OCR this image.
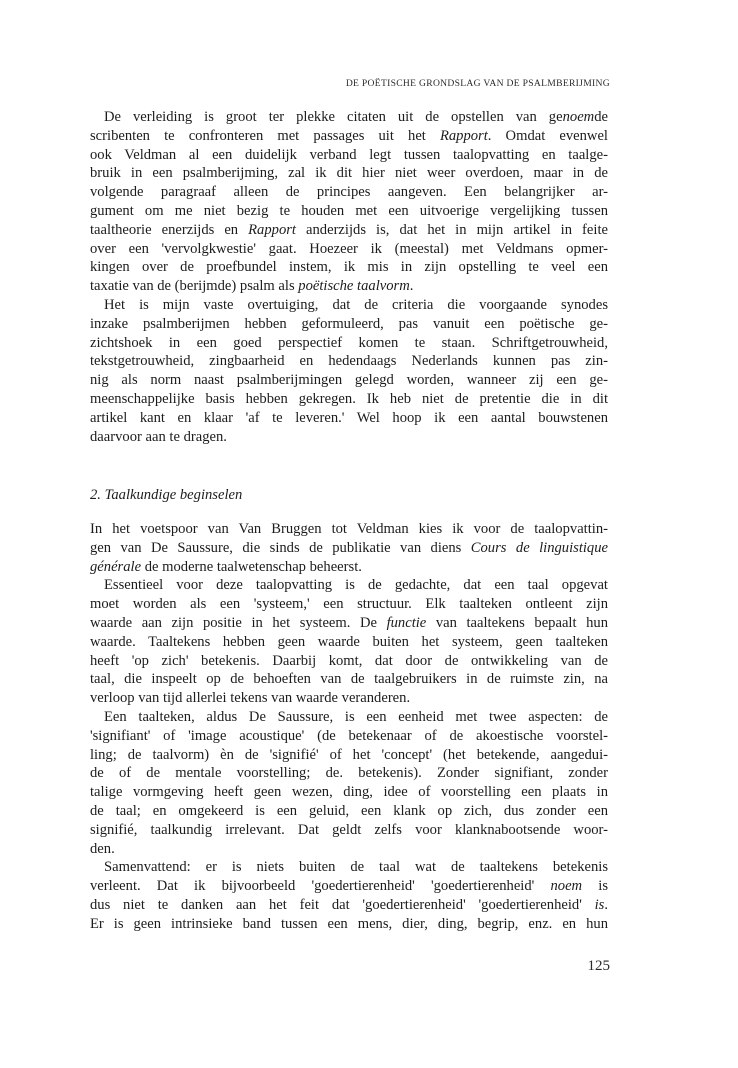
DE POËTISCHE GRONDSLAG VAN DE PSALMBERIJMING

De verleiding is groot ter plekke citaten uit de opstellen van genoemde

scribenten te confronteren met passages uit het Rapport. Omdat evenwel

ook Veldman al een duidelijk verband legt tussen taalopvatting en taalge-

bruik in een psalmberijming, zal ik dit hier niet weer overdoen, maar in de

volgende paragraaf alleen de principes aangeven. Een belangrijker ar-

gument om me niet bezig te houden met een uitvoerige vergelijking tussen

taaltheorie enerzijds en Rapport anderzijds is, dat het in mijn artikel in feite

over een 'vervolgkwestie' gaat. Hoezeer ik (meestal) met Veldmans opmer-

kingen over de proefbundel instem, ik mis in zijn opstelling te veel een

taxatie van de (berijmde) psalm als poëtische taalvorm.

Het is mijn vaste overtuiging, dat de criteria die voorgaande synodes

inzake psalmberijmen hebben geformuleerd, pas vanuit een poëtische ge-

zichtshoek in een goed perspectief komen te staan. Schriftgetrouwheid,

tekstgetrouwheid, zingbaarheid en hedendaags Nederlands kunnen pas zin-

nig als norm naast psalmberijmingen gelegd worden, wanneer zij een ge-

meenschappelijke basis hebben gekregen. Ik heb niet de pretentie die in dit

artikel kant en klaar 'af te leveren.' Wel hoop ik een aantal bouwstenen

daarvoor aan te dragen.

2. Taalkundige beginselen

In het voetspoor van Van Bruggen tot Veldman kies ik voor de taalopvattin-

gen van De Saussure, die sinds de publikatie van diens Cours de linguistique

générale de moderne taalwetenschap beheerst.

Essentieel voor deze taalopvatting is de gedachte, dat een taal opgevat

moet worden als een 'systeem,' een structuur. Elk taalteken ontleent zijn

waarde aan zijn positie in het systeem. De functie van taaltekens bepaalt hun

waarde. Taaltekens hebben geen waarde buiten het systeem, geen taalteken

heeft 'op zich' betekenis. Daarbij komt, dat door de ontwikkeling van de

taal, die inspeelt op de behoeften van de taalgebruikers in de ruimste zin, na

verloop van tijd allerlei tekens van waarde veranderen.

Een taalteken, aldus De Saussure, is een eenheid met twee aspecten: de

'signifiant' of 'image acoustique' (de betekenaar of de akoestische voorstel-

ling; de taalvorm) èn de 'signifié' of het 'concept' (het betekende, aangedui-

de of de mentale voorstelling; de. betekenis). Zonder signifiant, zonder

talige vormgeving heeft geen wezen, ding, idee of voorstelling een plaats in

de taal; en omgekeerd is een geluid, een klank op zich, dus zonder een

signifié, taalkundig irrelevant. Dat geldt zelfs voor klanknabootsende woor-

den.

Samenvattend: er is niets buiten de taal wat de taaltekens betekenis

verleent. Dat ik bijvoorbeeld 'goedertierenheid' 'goedertierenheid' noem is

dus niet te danken aan het feit dat 'goedertierenheid' 'goedertierenheid' is.

Er is geen intrinsieke band tussen een mens, dier, ding, begrip, enz. en hun

125
